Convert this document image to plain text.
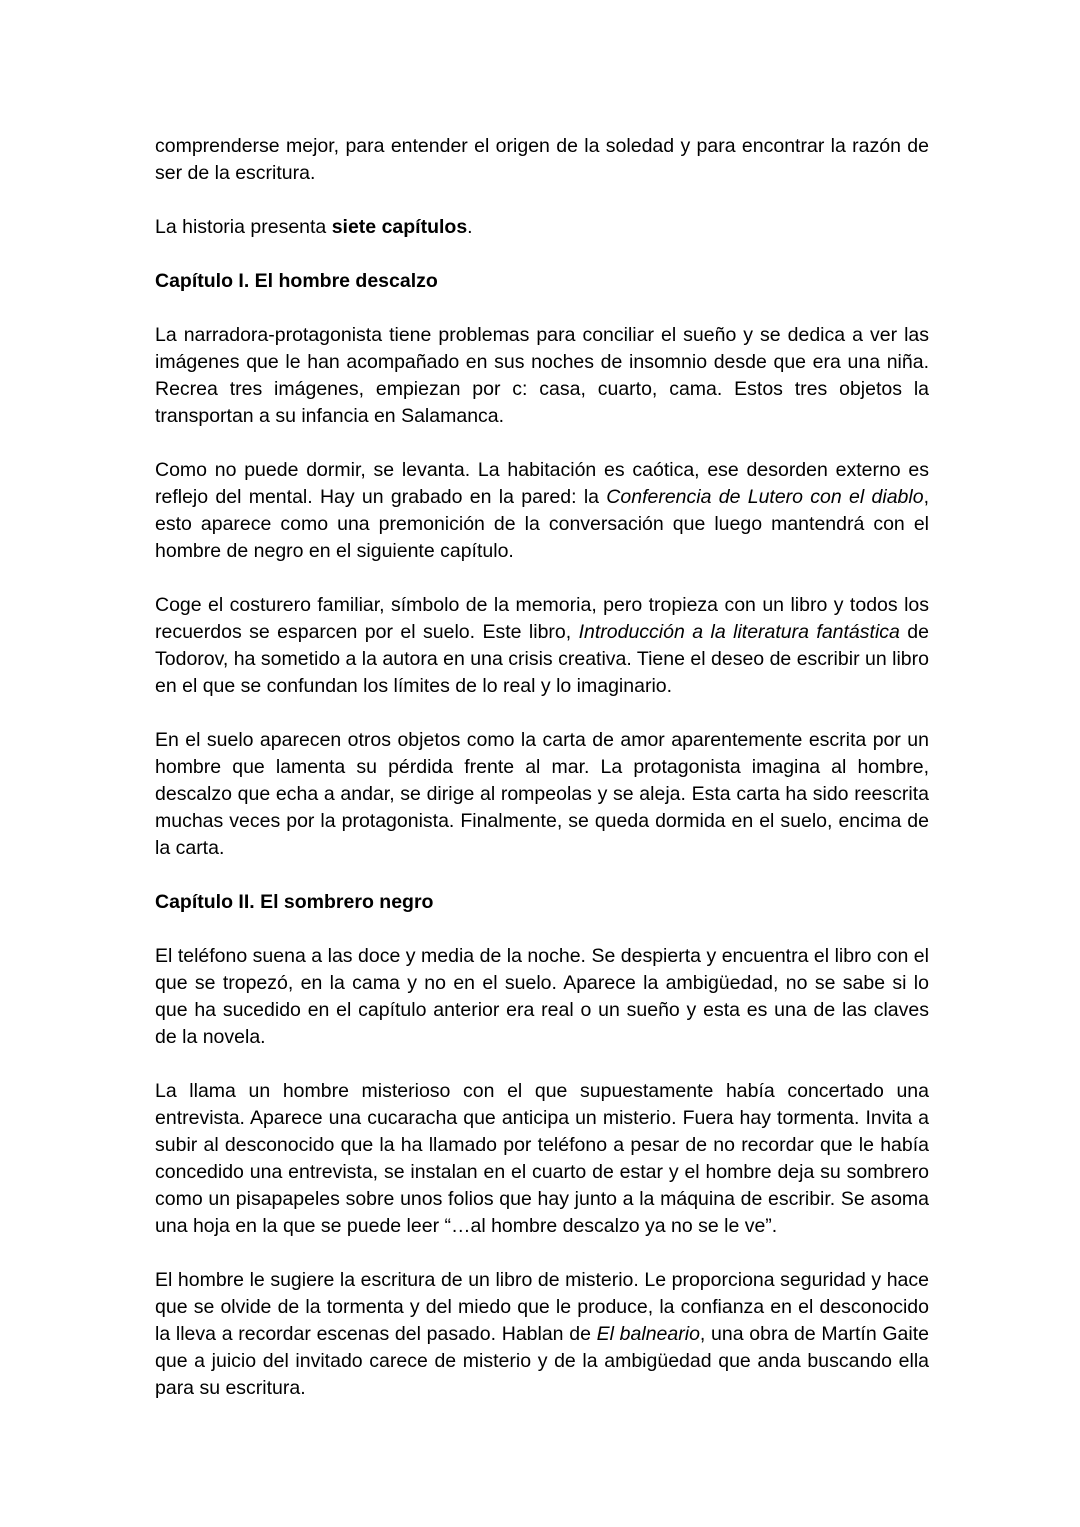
comprenderse mejor, para entender el origen de la soledad y para encontrar la razón de ser de la escritura.

La historia presenta siete capítulos.

Capítulo I. El hombre descalzo

La narradora-protagonista tiene problemas para conciliar el sueño y se dedica a ver las imágenes que le han acompañado en sus noches de insomnio desde que era una niña. Recrea tres imágenes, empiezan por c: casa, cuarto, cama. Estos tres objetos la transportan a su infancia en Salamanca.

Como no puede dormir, se levanta. La habitación es caótica, ese desorden externo es reflejo del mental. Hay un grabado en la pared: la Conferencia de Lutero con el diablo, esto aparece como una premonición de la conversación que luego mantendrá con el hombre de negro en el siguiente capítulo.

Coge el costurero familiar, símbolo de la memoria, pero tropieza con un libro y todos los recuerdos se esparcen por el suelo. Este libro, Introducción a la literatura fantástica de Todorov, ha sometido a la autora en una crisis creativa. Tiene el deseo de escribir un libro en el que se confundan los límites de lo real y lo imaginario.

En el suelo aparecen otros objetos como la carta de amor aparentemente escrita por un hombre que lamenta su pérdida frente al mar. La protagonista imagina al hombre, descalzo que echa a andar, se dirige al rompeolas y se aleja. Esta carta ha sido reescrita muchas veces por la protagonista. Finalmente, se queda dormida en el suelo, encima de la carta.

Capítulo II. El sombrero negro

El teléfono suena a las doce y media de la noche. Se despierta y encuentra el libro con el que se tropezó, en la cama y no en el suelo. Aparece la ambigüedad, no se sabe si lo que ha sucedido en el capítulo anterior era real o un sueño y esta es una de las claves de la novela.

La llama un hombre misterioso con el que supuestamente había concertado una entrevista. Aparece una cucaracha que anticipa un misterio. Fuera hay tormenta. Invita a subir al desconocido que la ha llamado por teléfono a pesar de no recordar que le había concedido una entrevista, se instalan en el cuarto de estar y el hombre deja su sombrero como un pisapapeles sobre unos folios que hay junto a la máquina de escribir. Se asoma una hoja en la que se puede leer “…al hombre descalzo ya no se le ve”.

El hombre le sugiere la escritura de un libro de misterio. Le proporciona seguridad y hace que se olvide de la tormenta y del miedo que le produce, la confianza en el desconocido la lleva a recordar escenas del pasado. Hablan de El balneario, una obra de Martín Gaite que a juicio del invitado carece de misterio y de la ambigüedad que anda buscando ella para su escritura.
